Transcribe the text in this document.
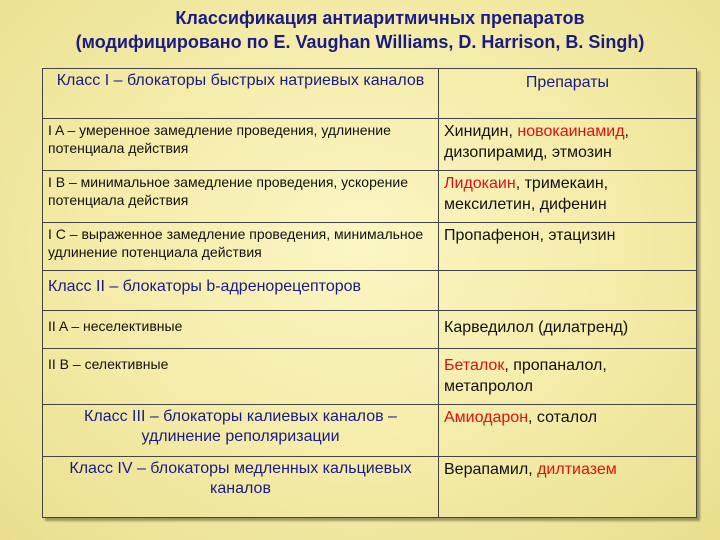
Классификация антиаритмичных препаратов
(модифицировано по E. Vaughan Williams, D. Harrison, B. Singh)
Класс I – блокаторы быстрых натриевых каналов	Препараты
I A – умеренное замедление проведения, удлинение потенциала действия	Хинидин, новокаинамид, дизопирамид, этмозин
I B – минимальное замедление проведения, ускорение потенциала действия	Лидокаин, тримекаин, мексилетин, дифенин
I C – выраженное замедление проведения, минимальное удлинение потенциала действия	Пропафенон, этацизин
Класс II – блокаторы b-адренорецепторов	
II A – неселективные	Карведилол (дилатренд)
II B – селективные	Беталок, пропаналол, метапролол
Класс III – блокаторы калиевых каналов – удлинение реполяризации	Амиодарон, соталол
Класс IV – блокаторы медленных кальциевых каналов	Верапамил, дилтиазем
